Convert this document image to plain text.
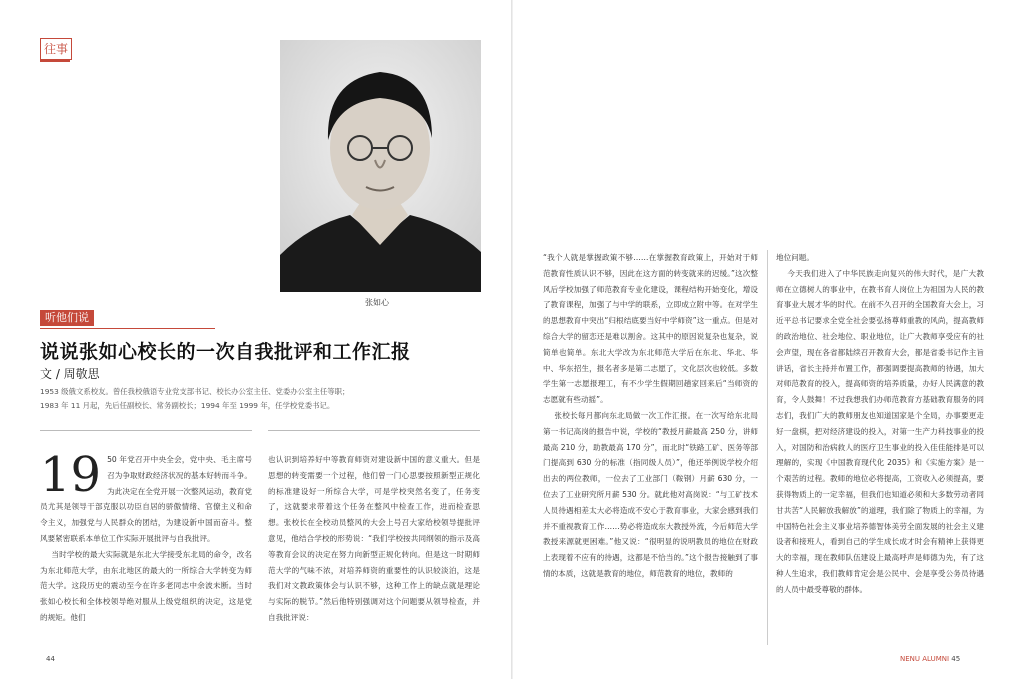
往事
张如心
听他们说
说说张如心校长的一次自我批评和工作汇报
文 / 周敬思
1953 级俄文系校友。曾任我校俄语专业党支部书记、校长办公室主任、党委办公室主任等职；
1983 年 11 月起，先后任副校长、常务副校长；1994 年至 1999 年，任学校党委书记。
19 50 年党召开中央全会，党中央、毛主席号召为争取财政经济状况的基本好转而斗争。为此决定在全党开展一次整风运动，教育党员尤其是领导干部克服以功臣自居的骄傲情绪、官僚主义和命令主义，加强党与人民群众的团结，为建设新中国而奋斗。整风要紧密联系本单位工作实际开展批评与自我批评。

当时学校的最大实际就是东北大学接受东北局的命令，改名为东北师范大学，由东北地区的最大的一所综合大学转变为师范大学。这段历史的震动至今在许多老同志中余波未断。当时张如心校长和全体校领导绝对服从上级党组织的决定，这是党的规矩。他们

也认识到培养好中等教育师资对建设新中国的意义重大。但是思想的转变需要一个过程，他们曾一门心思要按照新型正规化的标准建设好一所综合大学，可是学校突然名变了，任务变了，这就要求带着这个任务在整风中检查工作，进而检查思想。张校长在全校动员整风的大会上号召大家给校领导提批评意见，他结合学校的形势说：“我们学校按共同纲领的指示及高等教育会议的决定在努力向新型正规化转向。但是这一时期师范大学的气味不浓，对培养师资的重要性的认识较淡泊，这是我们对文教政策体会与认识不够，这种工作上的缺点就是理论与实际的脱节。”然后他特别强调对这个问题要从领导检查，并自我批评说：

44

“我个人就是掌握政策不够……在掌握教育政策上，开始对于师范教育性质认识不够，因此在这方面的转变就来的迟缓。”这次整风后学校加强了师范教育专业化建设，课程结构开始变化，增设了教育课程，加强了与中学的联系，立即成立附中等。在对学生的思想教育中突出“归根结底要当好中学师资”这一重点。但是对综合大学的留恋还是难以割舍。这其中的原因说复杂也复杂，说简单也简单。东北大学改为东北师范大学后在东北、华北、华中、华东招生，报名者多是第二志愿了，文化层次也较低。多数学生第一志愿报理工，有不少学生假期回趟家回来后“当师资的志愿就有些动摇”。

张校长每月都向东北局做一次工作汇报。在一次写给东北局第一书记高岗的报告中说，学校的“教授月薪最高 250 分，讲师最高 210 分，助教最高 170 分”，而北时“铁路工矿、医务等部门提高到 630 分的标准（指同级人员）”，他还举例说学校介绍出去的两位教师，一位去了工业部门（鞍钢）月薪 630 分，一位去了工业研究所月薪 530 分。就此他对高岗说：“与工矿技术人员待遇相差太大必将造成不安心于教育事业，大家会感到我们并不重视教育工作……势必将造成东大教授外流，今后师范大学教授来源就更困难。”他又说：“很明显的说明教员的地位在财政上表现着不应有的待遇，这都是不恰当的。”这个报告接触到了事情的本质，这就是教育的地位，师范教育的地位，教师的

地位问题。

今天我们进入了中华民族走向复兴的伟大时代，是广大教师在立德树人的事业中，在教书育人岗位上为祖国为人民的教育事业大展才华的时代。在前不久召开的全国教育大会上，习近平总书记要求全党全社会要弘扬尊师重教的风尚，提高教师的政治地位、社会地位、职业地位，让广大教师享受应有的社会声望，现在各省都陆续召开教育大会，都是省委书记作主旨讲话，省长主持并布置工作，都强调要提高教师的待遇，加大对师范教育的投入，提高师资的培养质量，办好人民满意的教育，令人鼓舞！不过我想我们办师范教育方基础教育服务的同志们，我们广大的教师朋友也知道国家是个全局，办事要更走好一盘棋，把对经济建设的投入，对第一生产力科技事业的投入，对国防和治病救人的医疗卫生事业的投入佳佳能排是可以理解的，实现《中国教育现代化 2035》和《实施方案》是一个艰苦的过程。教师的地位必将提高，工资收入必须提高，要获得物质上的一定幸福，但我们也知道必须和大多数劳动者同甘共苦“人民解放我解放”的道理，我们除了物质上的幸福，为中国特色社会主义事业培养德智体美劳全面发展的社会主义建设者和接班人，看到自己的学生成长成才时会有精神上获得更大的幸福，现在教师队伍建设上最高呼声是师德为先，有了这种人生追求，我们教师肯定会是公民中、会是享受公务员待遇的人员中最受尊敬的群体。

NENU ALUMNI 45
